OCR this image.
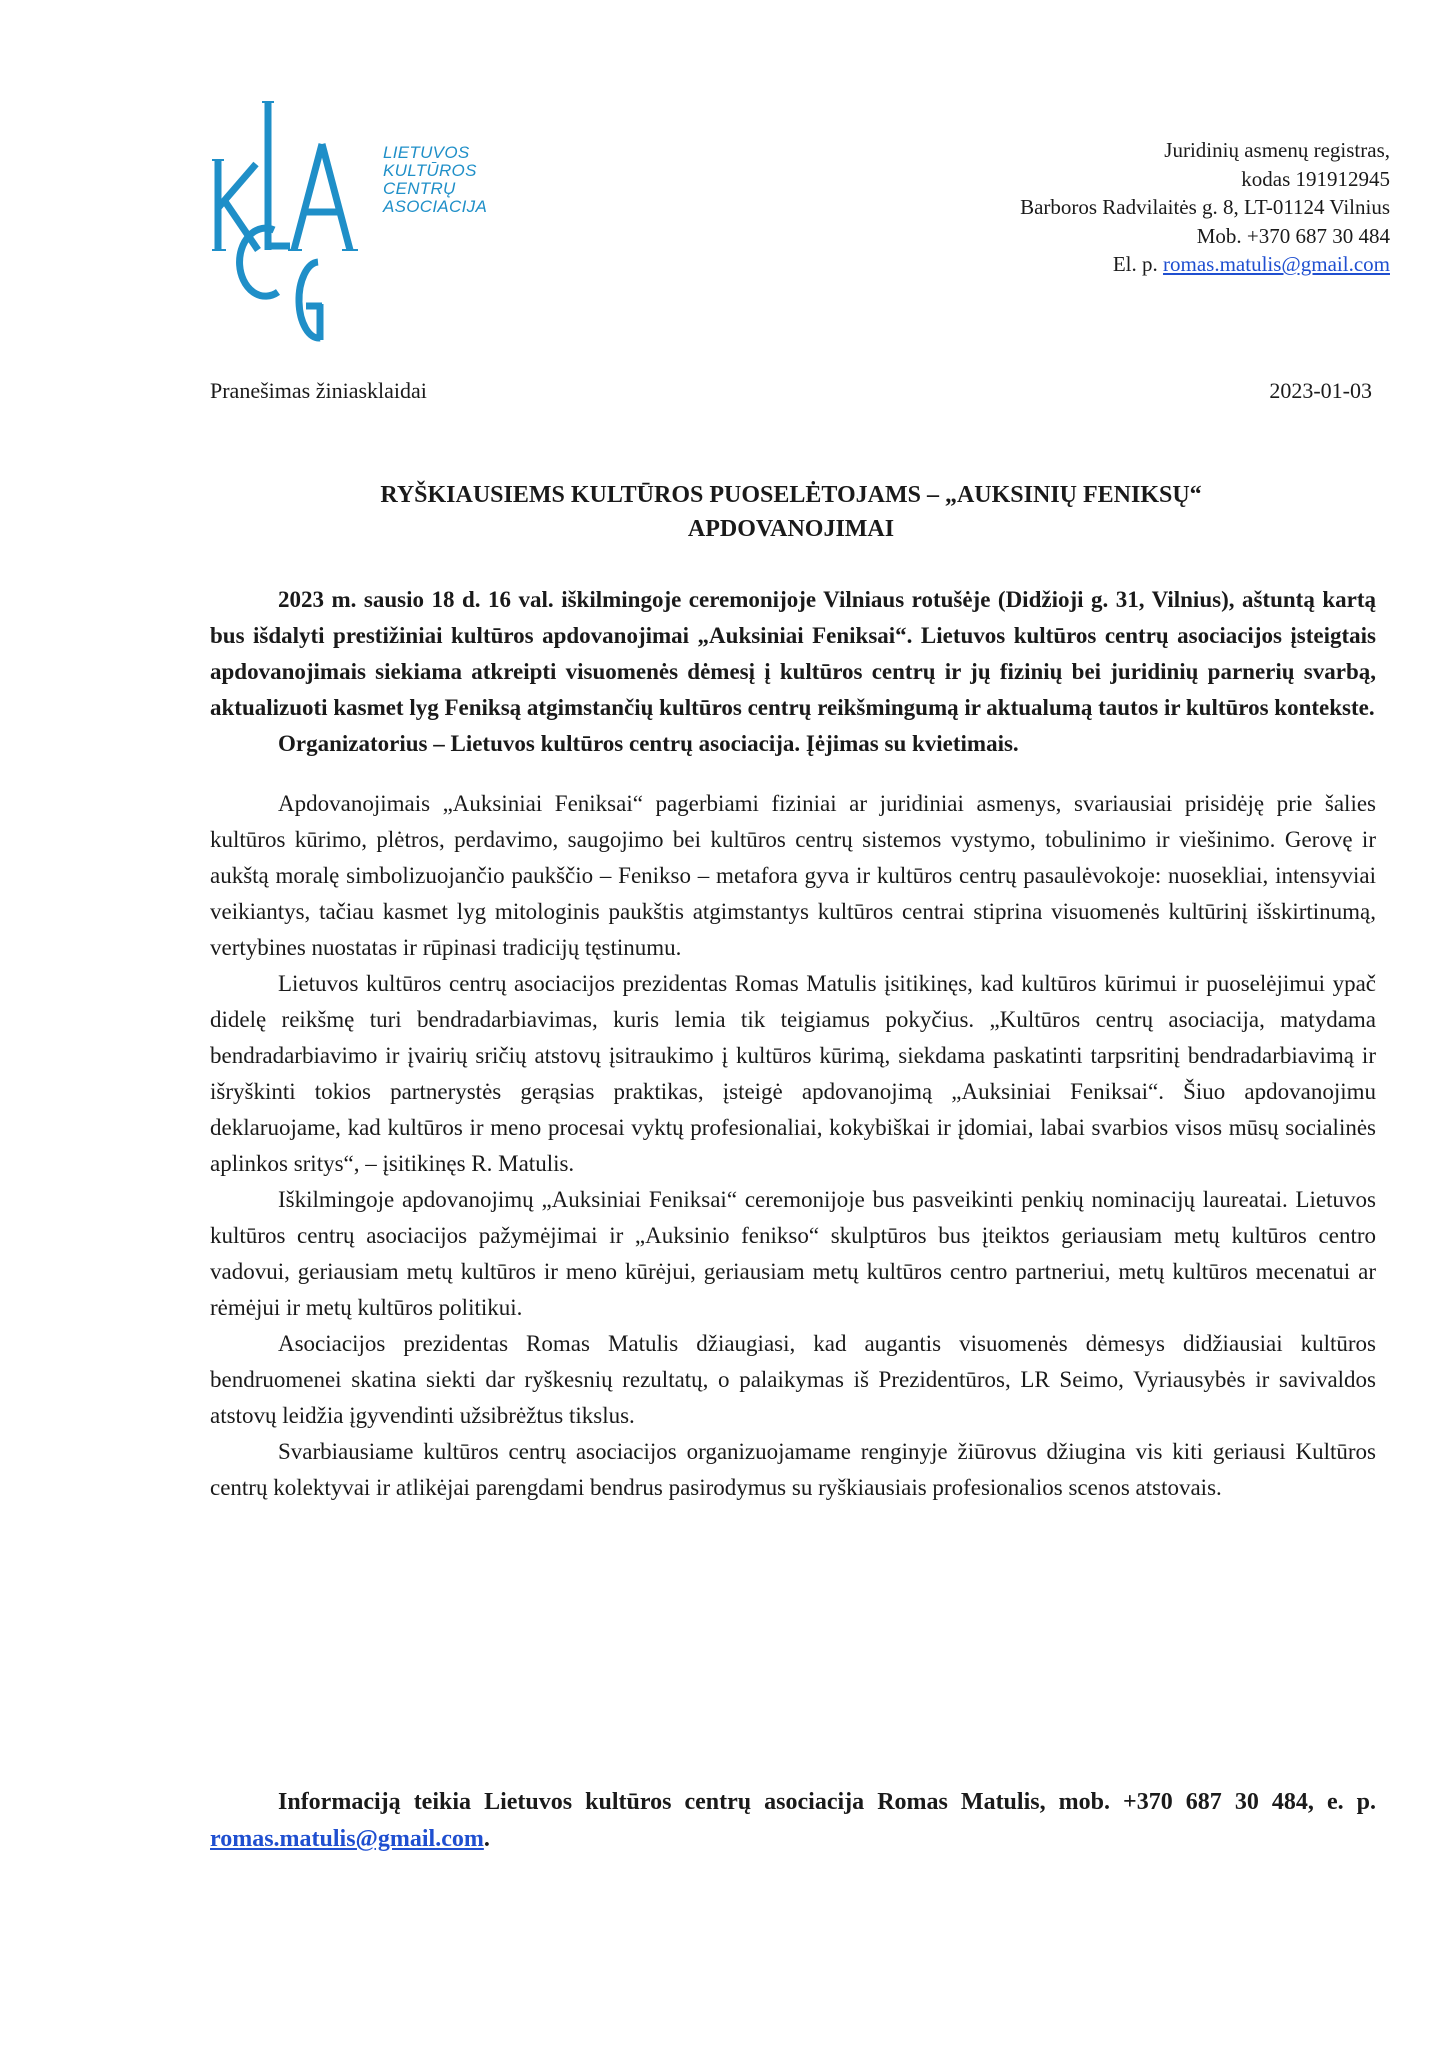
LIETUVOS
KULTŪROS
CENTRŲ
ASOCIACIJA

Juridinių asmenų registras,
kodas 191912945
Barboros Radvilaitės g. 8, LT-01124 Vilnius
Mob. +370 687 30 484
El. p. romas.matulis@gmail.com
Pranešimas žiniasklaidai	2023-01-03
RYŠKIAUSIEMS KULTŪROS PUOSELĖTOJAMS – „AUKSINIŲ FENIKSŲ“
APDOVANOJIMAI

2023 m. sausio 18 d. 16 val. iškilmingoje ceremonijoje Vilniaus rotušėje (Didžioji g. 31, Vilnius), aštuntą kartą bus išdalyti prestižiniai kultūros apdovanojimai „Auksiniai Feniksai“. Lietuvos kultūros centrų asociacijos įsteigtais apdovanojimais siekiama atkreipti visuomenės dėmesį į kultūros centrų ir jų fizinių bei juridinių parnerių svarbą, aktualizuoti kasmet lyg Feniksą atgimstančių kultūros centrų reikšmingumą ir aktualumą tautos ir kultūros kontekste.

Organizatorius – Lietuvos kultūros centrų asociacija. Įėjimas su kvietimais.

Apdovanojimais „Auksiniai Feniksai“ pagerbiami fiziniai ar juridiniai asmenys, svariausiai prisidėję prie šalies kultūros kūrimo, plėtros, perdavimo, saugojimo bei kultūros centrų sistemos vystymo, tobulinimo ir viešinimo. Gerovę ir aukštą moralę simbolizuojančio paukščio – Fenikso – metafora gyva ir kultūros centrų pasaulėvokoje: nuosekliai, intensyviai veikiantys, tačiau kasmet lyg mitologinis paukštis atgimstantys kultūros centrai stiprina visuomenės kultūrinį išskirtinumą, vertybines nuostatas ir rūpinasi tradicijų tęstinumu.

Lietuvos kultūros centrų asociacijos prezidentas Romas Matulis įsitikinęs, kad kultūros kūrimui ir puoselėjimui ypač didelę reikšmę turi bendradarbiavimas, kuris lemia tik teigiamus pokyčius. „Kultūros centrų asociacija, matydama bendradarbiavimo ir įvairių sričių atstovų įsitraukimo į kultūros kūrimą, siekdama paskatinti tarpsritinį bendradarbiavimą ir išryškinti tokios partnerystės gerąsias praktikas, įsteigė apdovanojimą „Auksiniai Feniksai“. Šiuo apdovanojimu deklaruojame, kad kultūros ir meno procesai vyktų profesionaliai, kokybiškai ir įdomiai, labai svarbios visos mūsų socialinės aplinkos sritys“, – įsitikinęs R. Matulis.

Iškilmingoje apdovanojimų „Auksiniai Feniksai“ ceremonijoje bus pasveikinti penkių nominacijų laureatai. Lietuvos kultūros centrų asociacijos pažymėjimai ir „Auksinio fenikso“ skulptūros bus įteiktos geriausiam metų kultūros centro vadovui, geriausiam metų kultūros ir meno kūrėjui, geriausiam metų kultūros centro partneriui, metų kultūros mecenatui ar rėmėjui ir metų kultūros politikui.

Asociacijos prezidentas Romas Matulis džiaugiasi, kad augantis visuomenės dėmesys didžiausiai kultūros bendruomenei skatina siekti dar ryškesnių rezultatų, o palaikymas iš Prezidentūros, LR Seimo, Vyriausybės ir savivaldos atstovų leidžia įgyvendinti užsibrėžtus tikslus.

Svarbiausiame kultūros centrų asociacijos organizuojamame renginyje žiūrovus džiugina vis kiti geriausi Kultūros centrų kolektyvai ir atlikėjai parengdami bendrus pasirodymus su ryškiausiais profesionalios scenos atstovais.

Informaciją teikia Lietuvos kultūros centrų asociacija Romas Matulis, mob. +370 687 30 484, e. p. romas.matulis@gmail.com.
